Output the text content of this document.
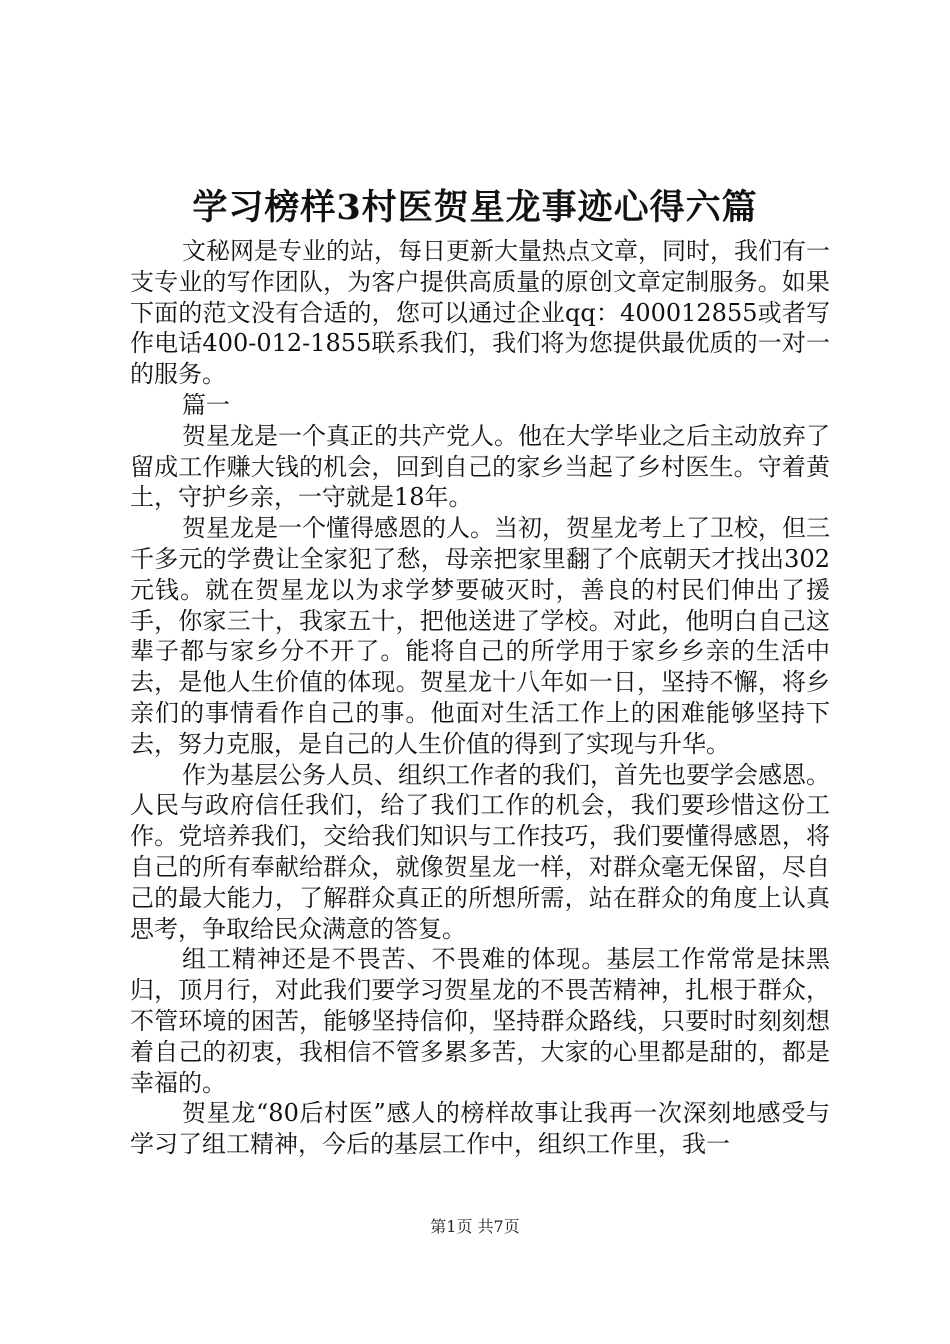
学习榜样3村医贺星龙事迹心得六篇

文秘网是专业的站，每日更新大量热点文章，同时，我们有一支专业的写作团队，为客户提供高质量的原创文章定制服务。如果下面的范文没有合适的，您可以通过企业qq：400012855或者写作电话400-012-1855联系我们，我们将为您提供最优质的一对一的服务。

篇一

贺星龙是一个真正的共产党人。他在大学毕业之后主动放弃了留成工作赚大钱的机会，回到自己的家乡当起了乡村医生。守着黄土，守护乡亲，一守就是18年。

贺星龙是一个懂得感恩的人。当初，贺星龙考上了卫校，但三千多元的学费让全家犯了愁，母亲把家里翻了个底朝天才找出302元钱。就在贺星龙以为求学梦要破灭时，善良的村民们伸出了援手，你家三十，我家五十，把他送进了学校。对此，他明白自己这辈子都与家乡分不开了。能将自己的所学用于家乡乡亲的生活中去，是他人生价值的体现。贺星龙十八年如一日，坚持不懈，将乡亲们的事情看作自己的事。他面对生活工作上的困难能够坚持下去，努力克服，是自己的人生价值的得到了实现与升华。

作为基层公务人员、组织工作者的我们，首先也要学会感恩。人民与政府信任我们，给了我们工作的机会，我们要珍惜这份工作。党培养我们，交给我们知识与工作技巧，我们要懂得感恩，将自己的所有奉献给群众，就像贺星龙一样，对群众毫无保留，尽自己的最大能力，了解群众真正的所想所需，站在群众的角度上认真思考，争取给民众满意的答复。

组工精神还是不畏苦、不畏难的体现。基层工作常常是抹黑归，顶月行，对此我们要学习贺星龙的不畏苦精神，扎根于群众，不管环境的困苦，能够坚持信仰，坚持群众路线，只要时时刻刻想着自己的初衷，我相信不管多累多苦，大家的心里都是甜的，都是幸福的。

贺星龙“80后村医”感人的榜样故事让我再一次深刻地感受与学习了组工精神，今后的基层工作中，组织工作里，我一

第1页 共7页
